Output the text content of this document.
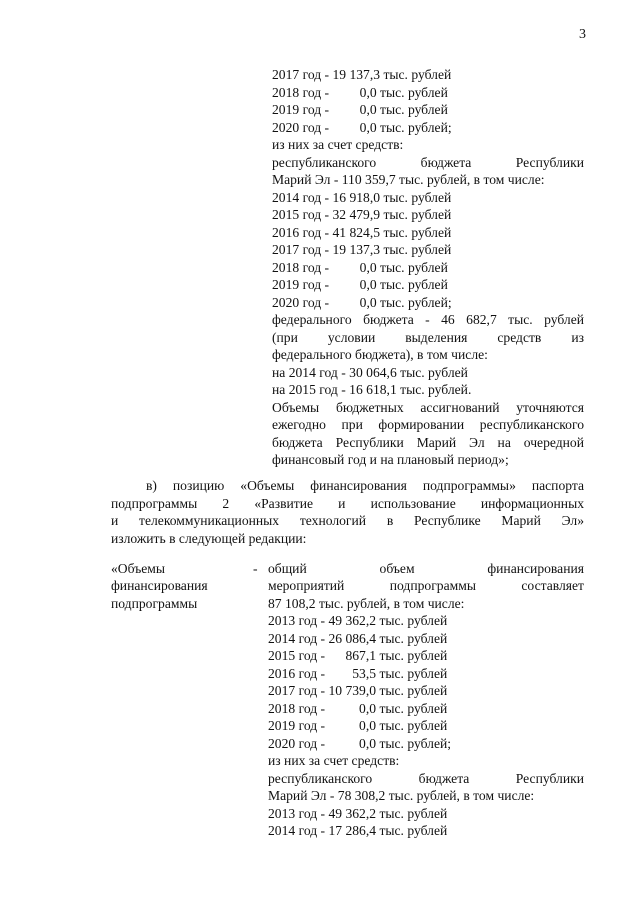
3
2017 год - 19 137,3 тыс. рублей
2018 год -         0,0 тыс. рублей
2019 год -         0,0 тыс. рублей
2020 год -         0,0 тыс. рублей;
из них за счет средств:
республиканского бюджета Республики
Марий Эл - 110 359,7 тыс. рублей, в том числе:
2014 год - 16 918,0 тыс. рублей
2015 год - 32 479,9 тыс. рублей
2016 год - 41 824,5 тыс. рублей
2017 год - 19 137,3 тыс. рублей
2018 год -         0,0 тыс. рублей
2019 год -         0,0 тыс. рублей
2020 год -         0,0 тыс. рублей;
федерального бюджета - 46 682,7 тыс. рублей
(при условии выделения средств из
федерального бюджета), в том числе:
на 2014 год - 30 064,6 тыс. рублей
на 2015 год - 16 618,1 тыс. рублей.
Объемы бюджетных ассигнований уточняются
ежегодно при формировании республиканского
бюджета Республики Марий Эл на очередной
финансовый год и на плановый период»;
в) позицию «Объемы финансирования подпрограммы» паспорта
подпрограммы 2 «Развитие и использование информационных
и телекоммуникационных технологий в Республике Марий Эл»
изложить в следующей редакции:
«Объемы
финансирования
подпрограммы
- общий объем финансирования
мероприятий подпрограммы составляет
87 108,2 тыс. рублей, в том числе:
2013 год - 49 362,2 тыс. рублей
2014 год - 26 086,4 тыс. рублей
2015 год -      867,1 тыс. рублей
2016 год -        53,5 тыс. рублей
2017 год - 10 739,0 тыс. рублей
2018 год -          0,0 тыс. рублей
2019 год -          0,0 тыс. рублей
2020 год -          0,0 тыс. рублей;
из них за счет средств:
республиканского бюджета Республики
Марий Эл - 78 308,2 тыс. рублей, в том числе:
2013 год - 49 362,2 тыс. рублей
2014 год - 17 286,4 тыс. рублей
